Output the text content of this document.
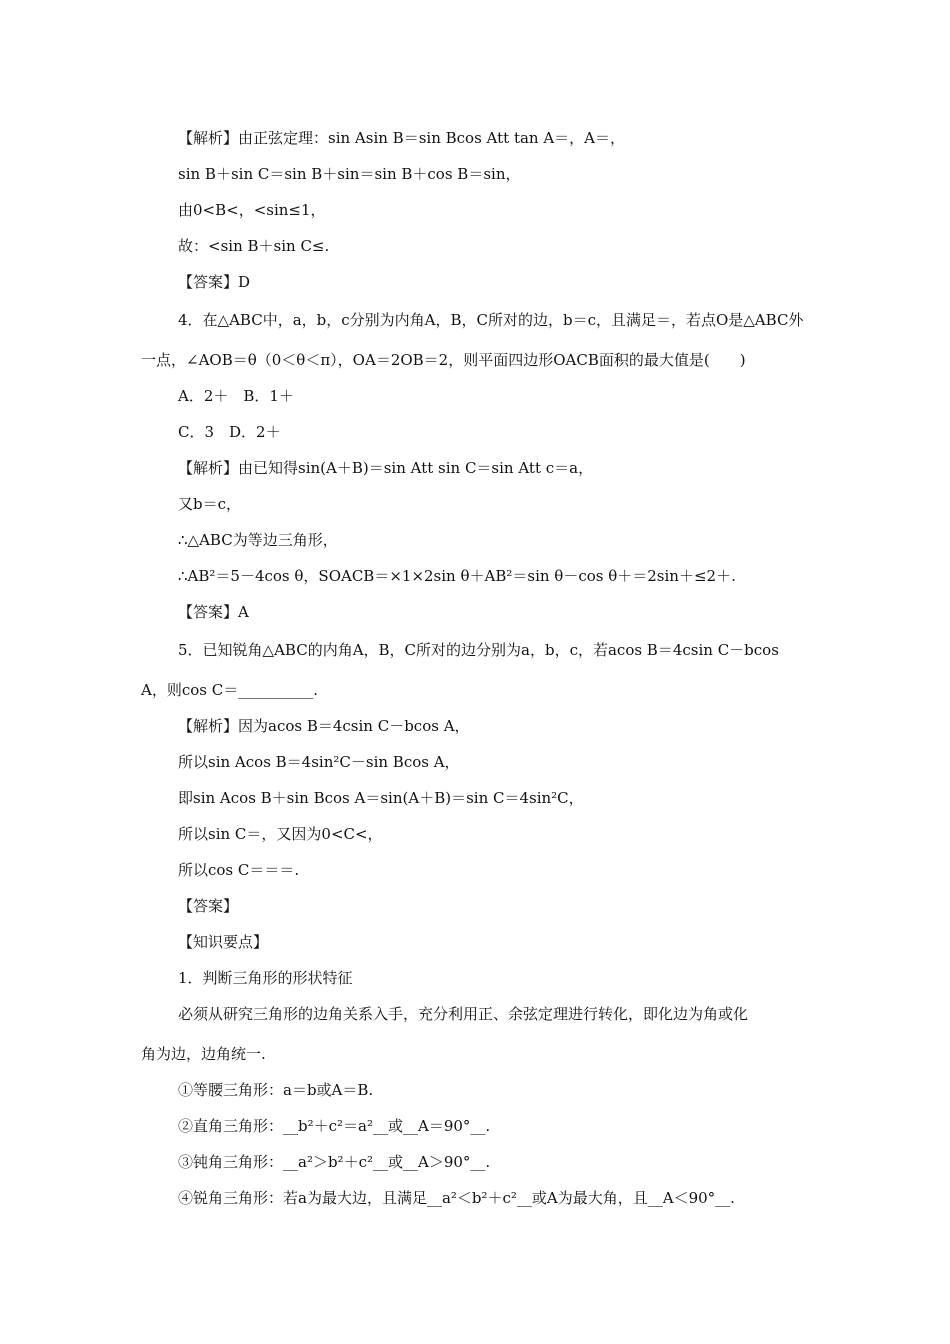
【解析】由正弦定理：sin Asin B＝sin Bcos Att tan A＝，A＝，
sin B＋sin C＝sin B＋sin＝sin B＋cos B＝sin，
由0<B<，<sin≤1，
故：<sin B＋sin C≤.
【答案】D
4．在△ABC中，a，b，c分别为内角A，B，C所对的边，b＝c，且满足＝，若点O是△ABC外
一点，∠AOB＝θ（0＜θ＜π），OA＝2OB＝2，则平面四边形OACB面积的最大值是(　　)
A．2＋　B．1＋
C．3　D．2＋
【解析】由已知得sin(A＋B)＝sin Att sin C＝sin Att c＝a，
又b＝c，
∴△ABC为等边三角形，
∴AB²＝5－4cos θ，SOACB＝×1×2sin θ＋AB²＝sin θ－cos θ＋＝2sin＋≤2＋.
【答案】A
5．已知锐角△ABC的内角A，B，C所对的边分别为a，b，c，若acos B＝4csin C－bcos
A，则cos C＝__________.
【解析】因为acos B＝4csin C－bcos A，
所以sin Acos B＝4sin²C－sin Bcos A，
即sin Acos B＋sin Bcos A＝sin(A＋B)＝sin C＝4sin²C，
所以sin C＝，又因为0<C<，
所以cos C＝＝＝.
【答案】
【知识要点】
1．判断三角形的形状特征
必须从研究三角形的边角关系入手，充分利用正、余弦定理进行转化，即化边为角或化
角为边，边角统一.
①等腰三角形：a＝b或A＝B.
②直角三角形：__b²＋c²＝a²__或__A＝90°__.
③钝角三角形：__a²＞b²＋c²__或__A＞90°__.
④锐角三角形：若a为最大边，且满足__a²＜b²＋c²__或A为最大角，且__A＜90°__.
